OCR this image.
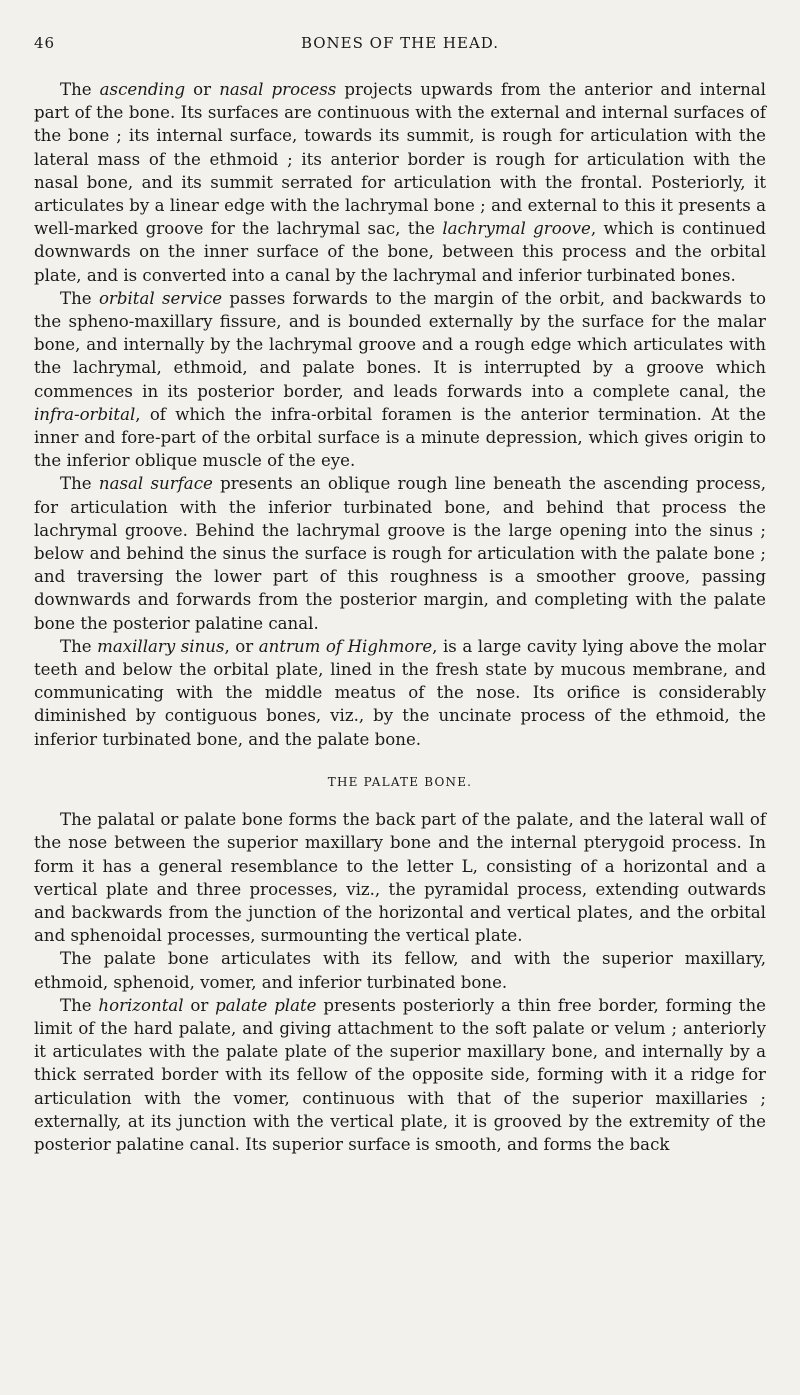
46	BONES OF THE HEAD.

The ascending or nasal process projects upwards from the anterior and internal part of the bone. Its surfaces are continuous with the external and internal surfaces of the bone ; its internal surface, towards its summit, is rough for articulation with the lateral mass of the ethmoid ; its anterior border is rough for articulation with the nasal bone, and its summit serrated for articulation with the frontal. Posteriorly, it articulates by a linear edge with the lachrymal bone ; and external to this it presents a well-marked groove for the lachrymal sac, the lachrymal groove, which is continued downwards on the inner surface of the bone, between this process and the orbital plate, and is converted into a canal by the lachrymal and inferior turbinated bones.

The orbital service passes forwards to the margin of the orbit, and backwards to the spheno-maxillary fissure, and is bounded externally by the surface for the malar bone, and internally by the lachrymal groove and a rough edge which articulates with the lachrymal, ethmoid, and palate bones. It is interrupted by a groove which commences in its posterior border, and leads forwards into a complete canal, the infra-orbital, of which the infra-orbital foramen is the anterior termination. At the inner and fore-part of the orbital surface is a minute depression, which gives origin to the inferior oblique muscle of the eye.

The nasal surface presents an oblique rough line beneath the ascending process, for articulation with the inferior turbinated bone, and behind that process the lachrymal groove. Behind the lachrymal groove is the large opening into the sinus ; below and behind the sinus the surface is rough for articulation with the palate bone ; and traversing the lower part of this roughness is a smoother groove, passing downwards and forwards from the posterior margin, and completing with the palate bone the posterior palatine canal.

The maxillary sinus, or antrum of Highmore, is a large cavity lying above the molar teeth and below the orbital plate, lined in the fresh state by mucous membrane, and communicating with the middle meatus of the nose. Its orifice is considerably diminished by contiguous bones, viz., by the uncinate process of the ethmoid, the inferior turbinated bone, and the palate bone.

THE PALATE BONE.

The palatal or palate bone forms the back part of the palate, and the lateral wall of the nose between the superior maxillary bone and the internal pterygoid process. In form it has a general resemblance to the letter L, consisting of a horizontal and a vertical plate and three processes, viz., the pyramidal process, extending outwards and backwards from the junction of the horizontal and vertical plates, and the orbital and sphenoidal processes, surmounting the vertical plate.

The palate bone articulates with its fellow, and with the superior maxillary, ethmoid, sphenoid, vomer, and inferior turbinated bone.

The horizontal or palate plate presents posteriorly a thin free border, forming the limit of the hard palate, and giving attachment to the soft palate or velum ; anteriorly it articulates with the palate plate of the superior maxillary bone, and internally by a thick serrated border with its fellow of the opposite side, forming with it a ridge for articulation with the vomer, continuous with that of the superior maxillaries ; externally, at its junction with the vertical plate, it is grooved by the extremity of the posterior palatine canal. Its superior surface is smooth, and forms the back
